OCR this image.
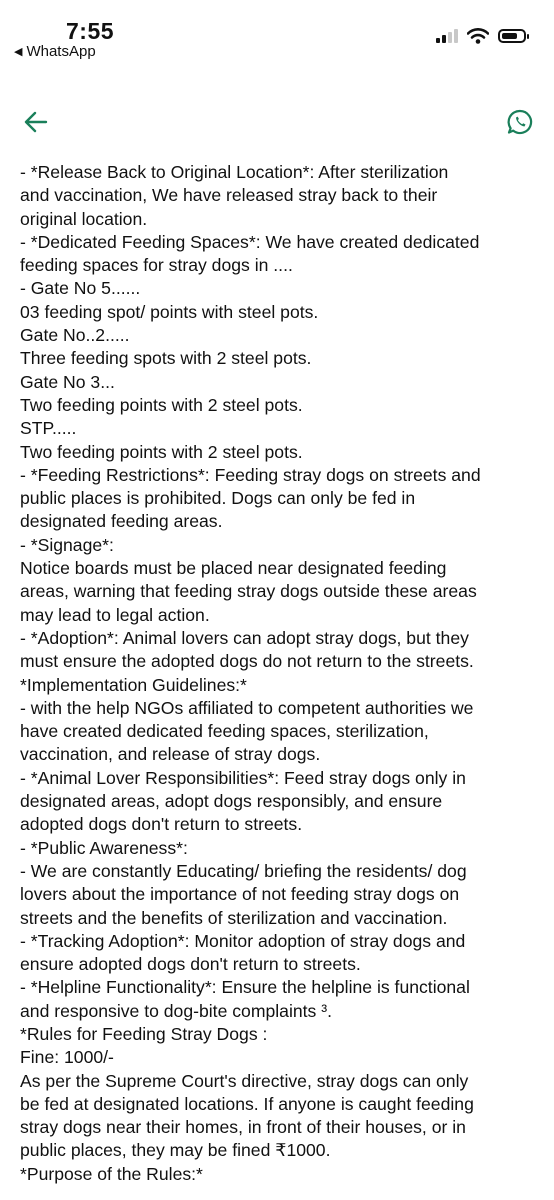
7:55
◀ WhatsApp
- *Release Back to Original Location*: After sterilization
and vaccination, We have released stray back to their
original location.
- *Dedicated Feeding Spaces*: We have created dedicated
feeding spaces for stray dogs in ....
- Gate No 5......
03 feeding spot/ points with steel pots.
Gate No..2.....
Three feeding spots with 2 steel pots.
Gate No 3...
Two feeding points with 2 steel pots.
STP.....
Two feeding points with 2 steel pots.
- *Feeding Restrictions*: Feeding stray dogs on streets and
public places is prohibited. Dogs can only be fed in
designated feeding areas.
- *Signage*:
Notice boards must be placed near designated feeding
areas, warning that feeding stray dogs outside these areas
may lead to legal action.
- *Adoption*: Animal lovers can adopt stray dogs, but they
must ensure the adopted dogs do not return to the streets.
*Implementation Guidelines:*
- with the help NGOs affiliated to competent authorities we
have created dedicated feeding spaces, sterilization,
vaccination, and release of stray dogs.
- *Animal Lover Responsibilities*: Feed stray dogs only in
designated areas, adopt dogs responsibly, and ensure
adopted dogs don't return to streets.
- *Public Awareness*:
- We are constantly Educating/ briefing the residents/ dog
lovers about the importance of not feeding stray dogs on
streets and the benefits of sterilization and vaccination.
- *Tracking Adoption*: Monitor adoption of stray dogs and
ensure adopted dogs don't return to streets.
- *Helpline Functionality*: Ensure the helpline is functional
and responsive to dog-bite complaints ³.
*Rules for Feeding Stray Dogs :
Fine: 1000/-
As per the Supreme Court's directive, stray dogs can only
be fed at designated locations. If anyone is caught feeding
stray dogs near their homes, in front of their houses, or in
public places, they may be fined ₹1000.
*Purpose of the Rules:*
